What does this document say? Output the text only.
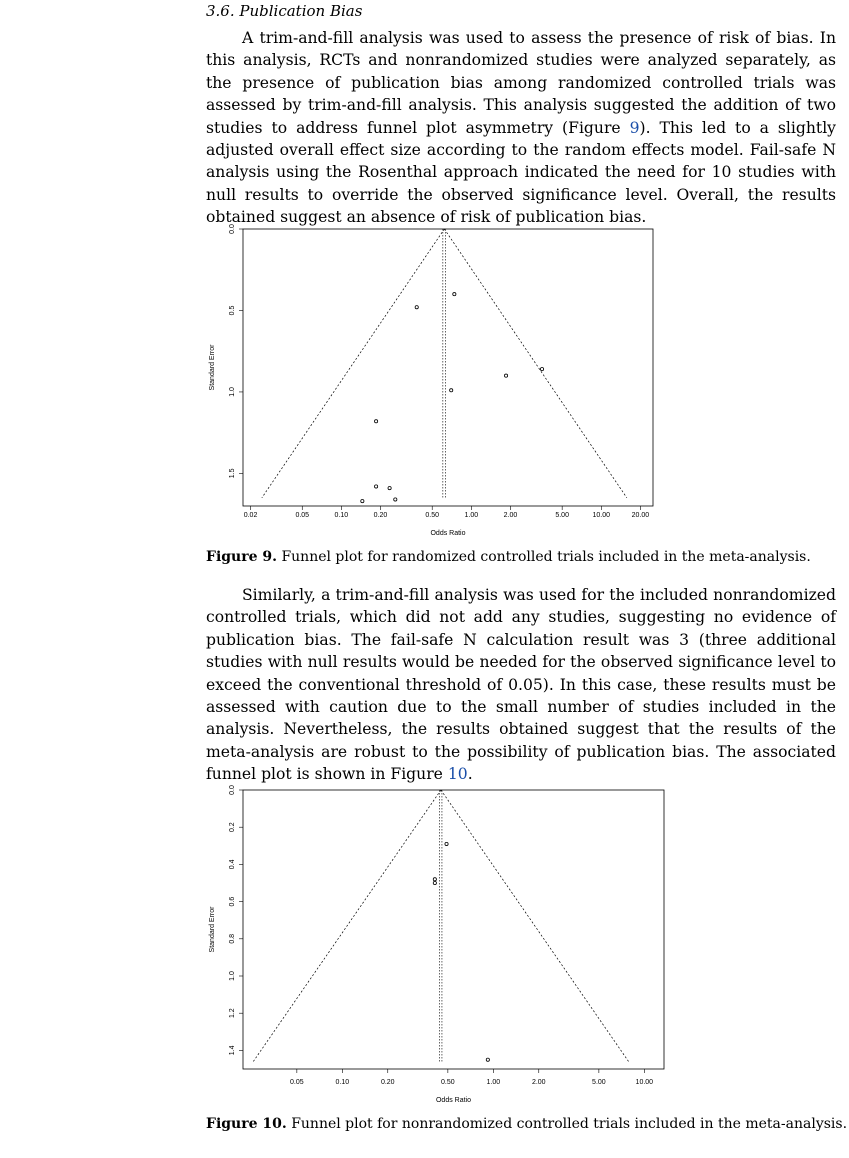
3.6. Publication Bias

A trim-and-fill analysis was used to assess the presence of risk of bias. In this analysis, RCTs and nonrandomized studies were analyzed separately, as the presence of publication bias among randomized controlled trials was assessed by trim-and-fill analysis. This analysis suggested the addition of two studies to address funnel plot asymmetry (Figure 9). This led to a slightly adjusted overall effect size according to the random effects model. Fail-safe N analysis using the Rosenthal approach indicated the need for 10 studies with null results to override the observed significance level. Overall, the results obtained suggest an absence of risk of publication bias.

0.02	0.05	0.10	0.20	0.50	1.00	2.00	5.00	10.00	20.00
0.0
0.5
1.0
1.5
Odds Ratio
Standard Error
Figure 9. Funnel plot for randomized controlled trials included in the meta-analysis.

Similarly, a trim-and-fill analysis was used for the included nonrandomized controlled trials, which did not add any studies, suggesting no evidence of publication bias. The fail-safe N calculation result was 3 (three additional studies with null results would be needed for the observed significance level to exceed the conventional threshold of 0.05). In this case, these results must be assessed with caution due to the small number of studies included in the analysis. Nevertheless, the results obtained suggest that the results of the meta-analysis are robust to the possibility of publication bias. The associated funnel plot is shown in Figure 10.

0.05	0.10	0.20	0.50	1.00	2.00	5.00	10.00
0.0
0.2
0.4
0.6
0.8
1.0
1.2
1.4
Odds Ratio
Standard Error
Figure 10. Funnel plot for nonrandomized controlled trials included in the meta-analysis.
